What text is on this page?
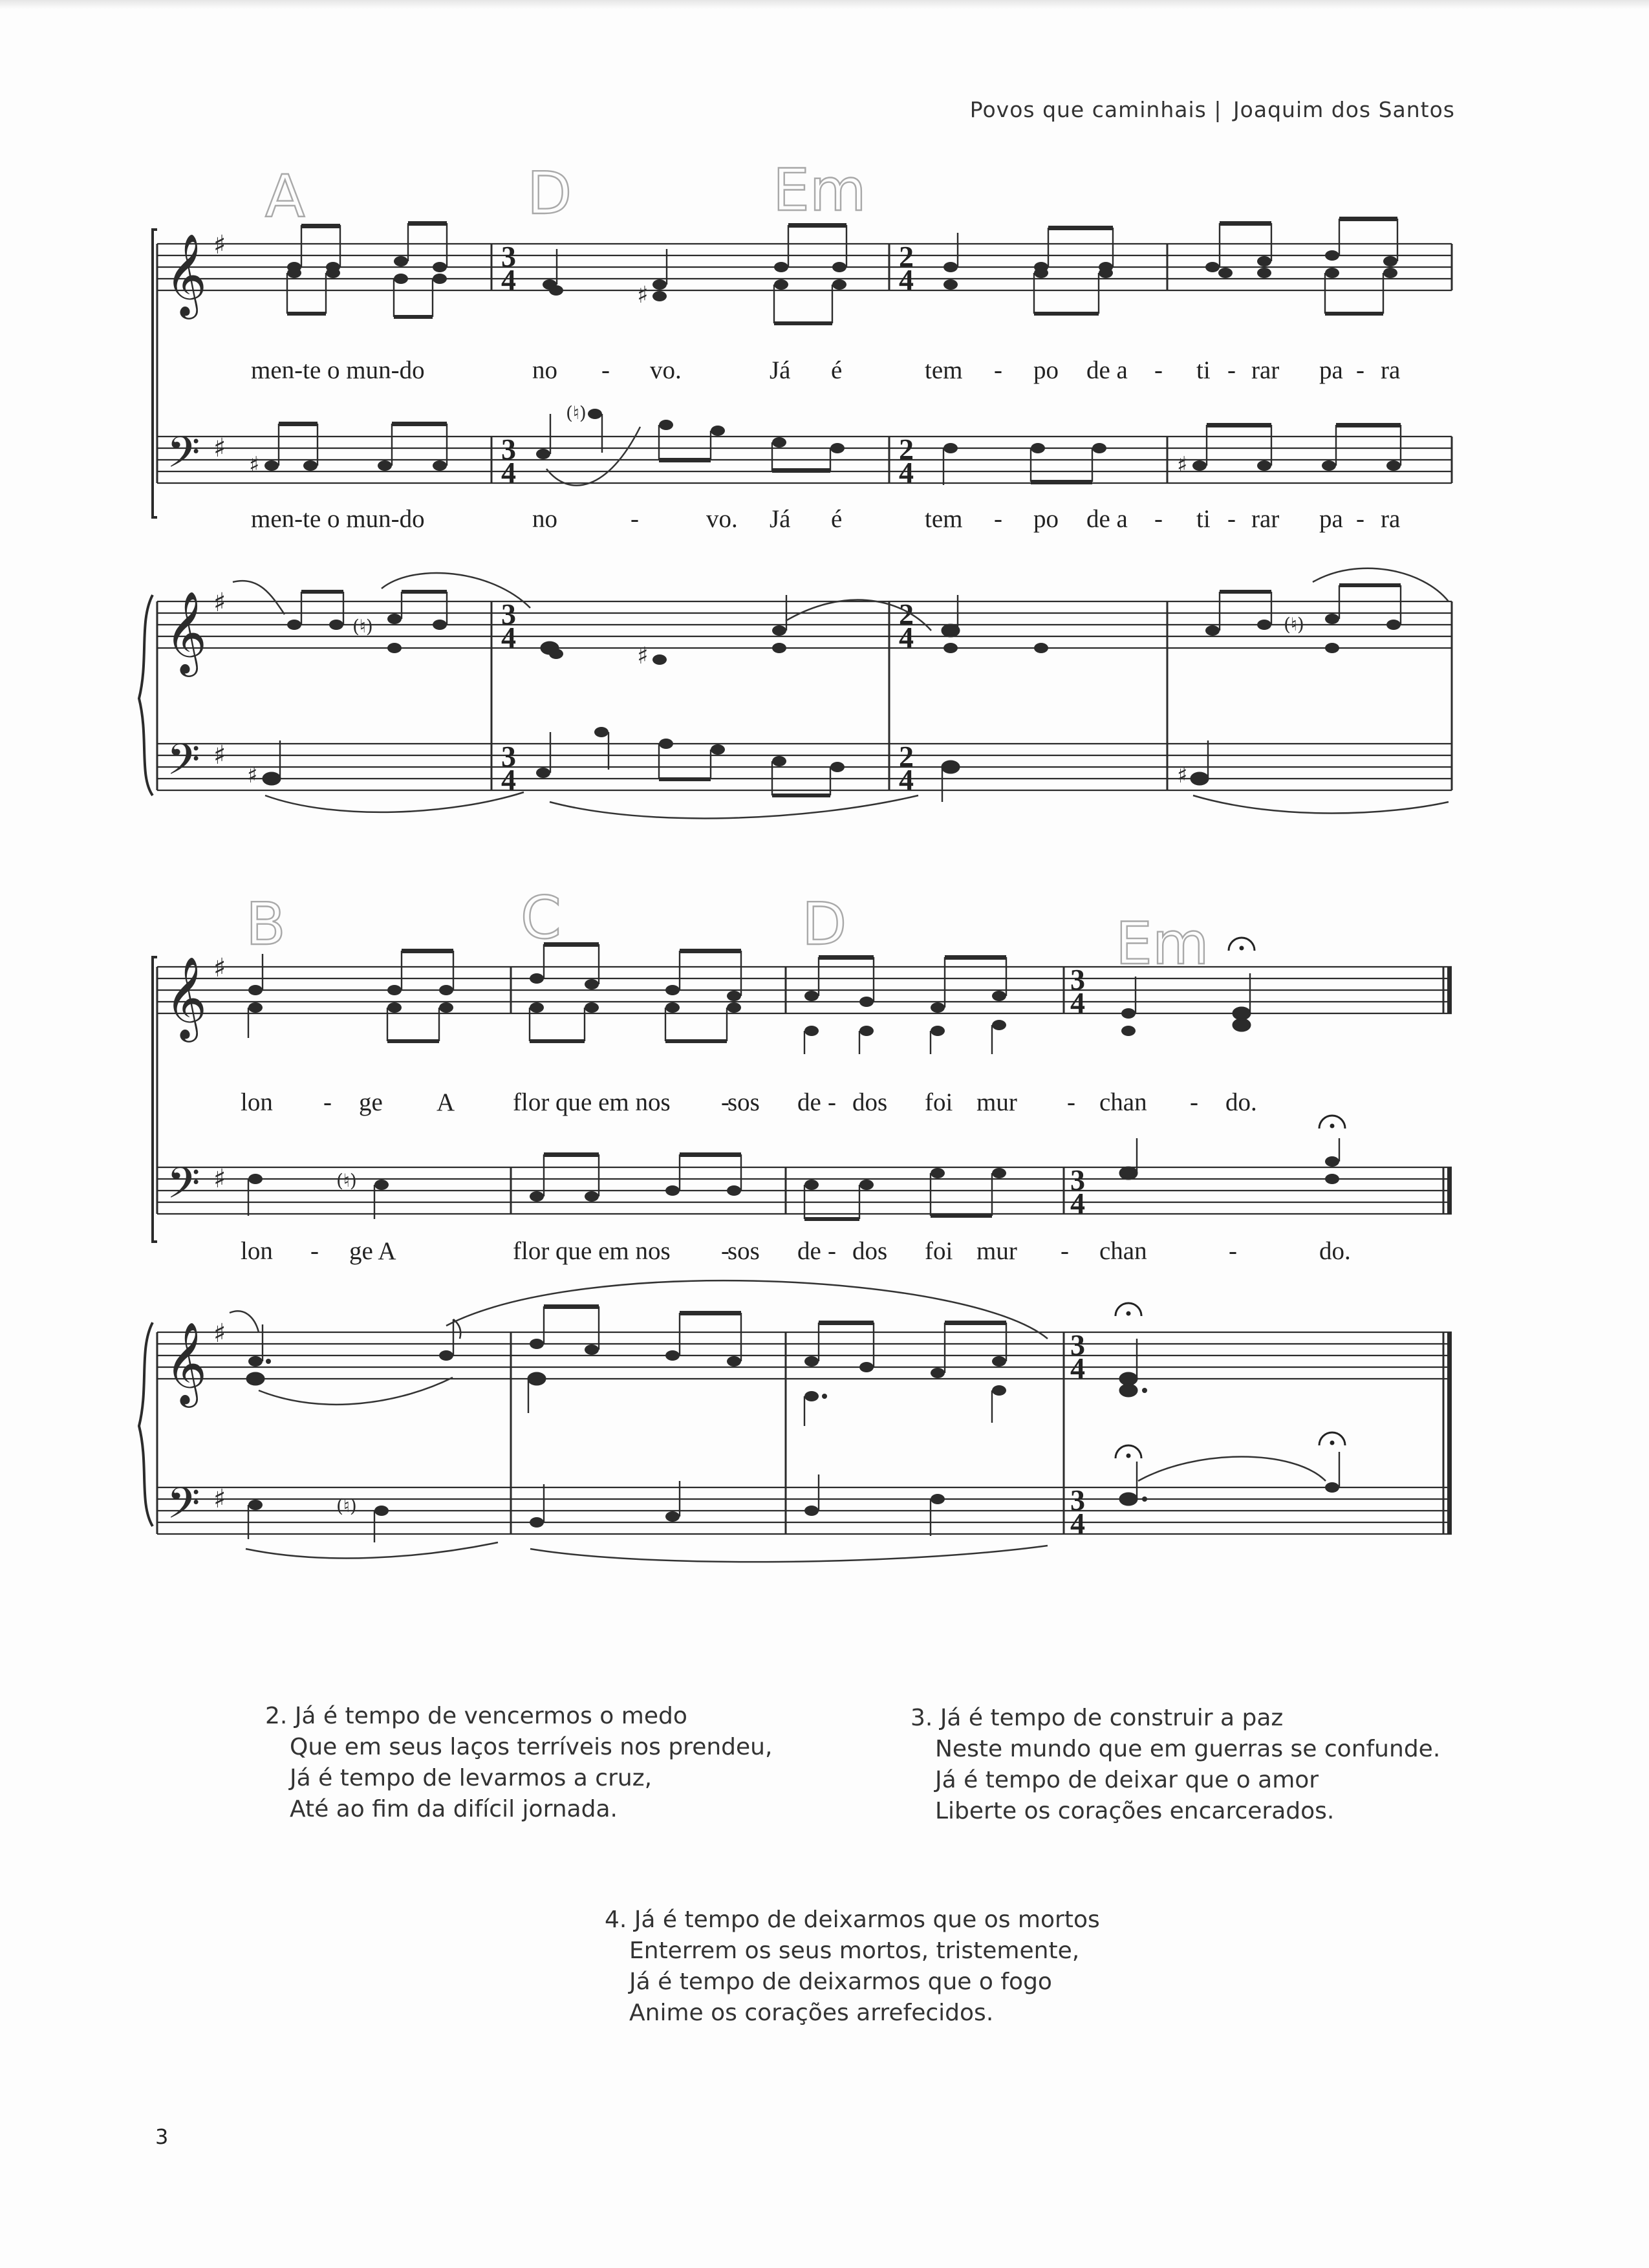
Povos que caminhais | Joaquim dos Santos
𝄞
𝄢
𝄞
𝄢
♯
♯
♯
♯
3
4
3
4
3
4
3
4
2
4
2
4
2
4
2
4
♯
♯
(♮)
♯
(♮)
♯
(♮)
♯	♯
𝄞
𝄢
𝄞
𝄢
♯
♯
♯
♯
3
4
3
4
3
4
3
4
(♮)
(♮)
A	D	Em
B	C	D	Em
men-te o mun-do	no - vo.	Já é	tem - po de a - ti - rar pa - ra
men-te o mun-do	no	-	vo. Já é	tem - po de a - ti - rar pa - ra
lon - ge A flor que em nos -
sos de - dos foi mur - chan - do.
lon - ge A	flor que em nos -
sos de - dos foi mur - chan	-	do.
2. Já é tempo de vencermos o medo
Que em seus laços terríveis nos prendeu,
Já é tempo de levarmos a cruz,
Até ao fim da difícil jornada.
3. Já é tempo de construir a paz
Neste mundo que em guerras se confunde.
Já é tempo de deixar que o amor
Liberte os corações encarcerados.
4. Já é tempo de deixarmos que os mortos
Enterrem os seus mortos, tristemente,
Já é tempo de deixarmos que o fogo
Anime os corações arrefecidos.
3
